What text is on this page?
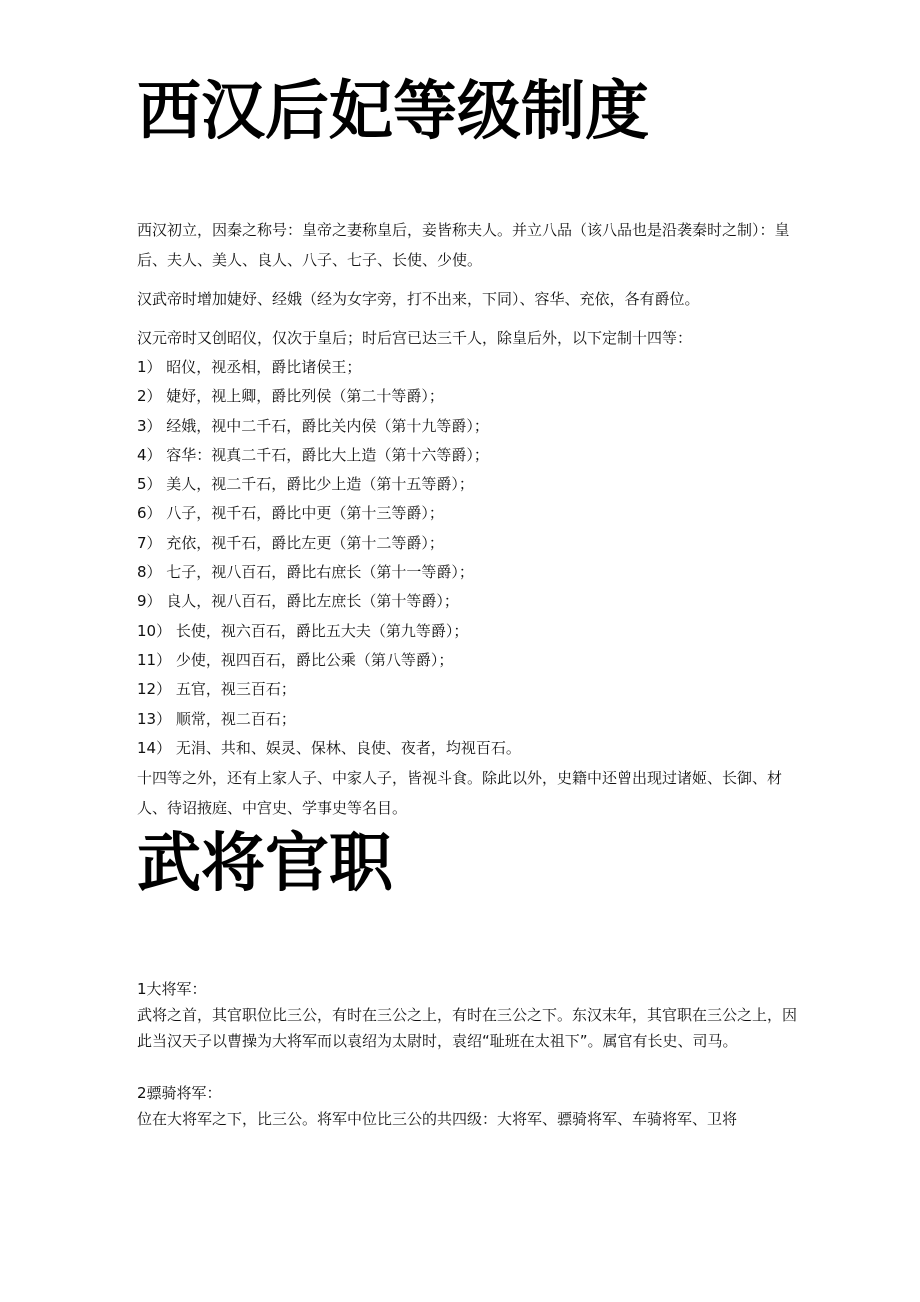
西汉后妃等级制度

西汉初立，因秦之称号：皇帝之妻称皇后，妾皆称夫人。并立八品（该八品也是沿袭秦时之制）：皇后、夫人、美人、良人、八子、七子、长使、少使。

汉武帝时增加婕妤、经娥（经为女字旁，打不出来，下同）、容华、充依，各有爵位。

汉元帝时又创昭仪，仅次于皇后；时后宫已达三千人，除皇后外，以下定制十四等：

1） 昭仪，视丞相，爵比诸侯王；
2） 婕妤，视上卿，爵比列侯（第二十等爵）；
3） 经娥，视中二千石，爵比关内侯（第十九等爵）；
4） 容华：视真二千石，爵比大上造（第十六等爵）；
5） 美人，视二千石，爵比少上造（第十五等爵）；
6） 八子，视千石，爵比中更（第十三等爵）；
7） 充依，视千石，爵比左更（第十二等爵）；
8） 七子，视八百石，爵比右庶长（第十一等爵）；
9） 良人，视八百石，爵比左庶长（第十等爵）；
10） 长使，视六百石，爵比五大夫（第九等爵）；
11） 少使，视四百石，爵比公乘（第八等爵）；
12） 五官，视三百石；
13） 顺常，视二百石；
14） 无涓、共和、娱灵、保林、良使、夜者，均视百石。

十四等之外，还有上家人子、中家人子，皆视斗食。除此以外，史籍中还曾出现过诸姬、长御、材人、待诏掖庭、中宫史、学事史等名目。

武将官职

1大将军：

武将之首，其官职位比三公，有时在三公之上，有时在三公之下。东汉末年，其官职在三公之上，因此当汉天子以曹操为大将军而以袁绍为太尉时，袁绍“耻班在太祖下”。属官有长史、司马。

2骠骑将军：

位在大将军之下，比三公。将军中位比三公的共四级：大将军、骠骑将军、车骑将军、卫将
